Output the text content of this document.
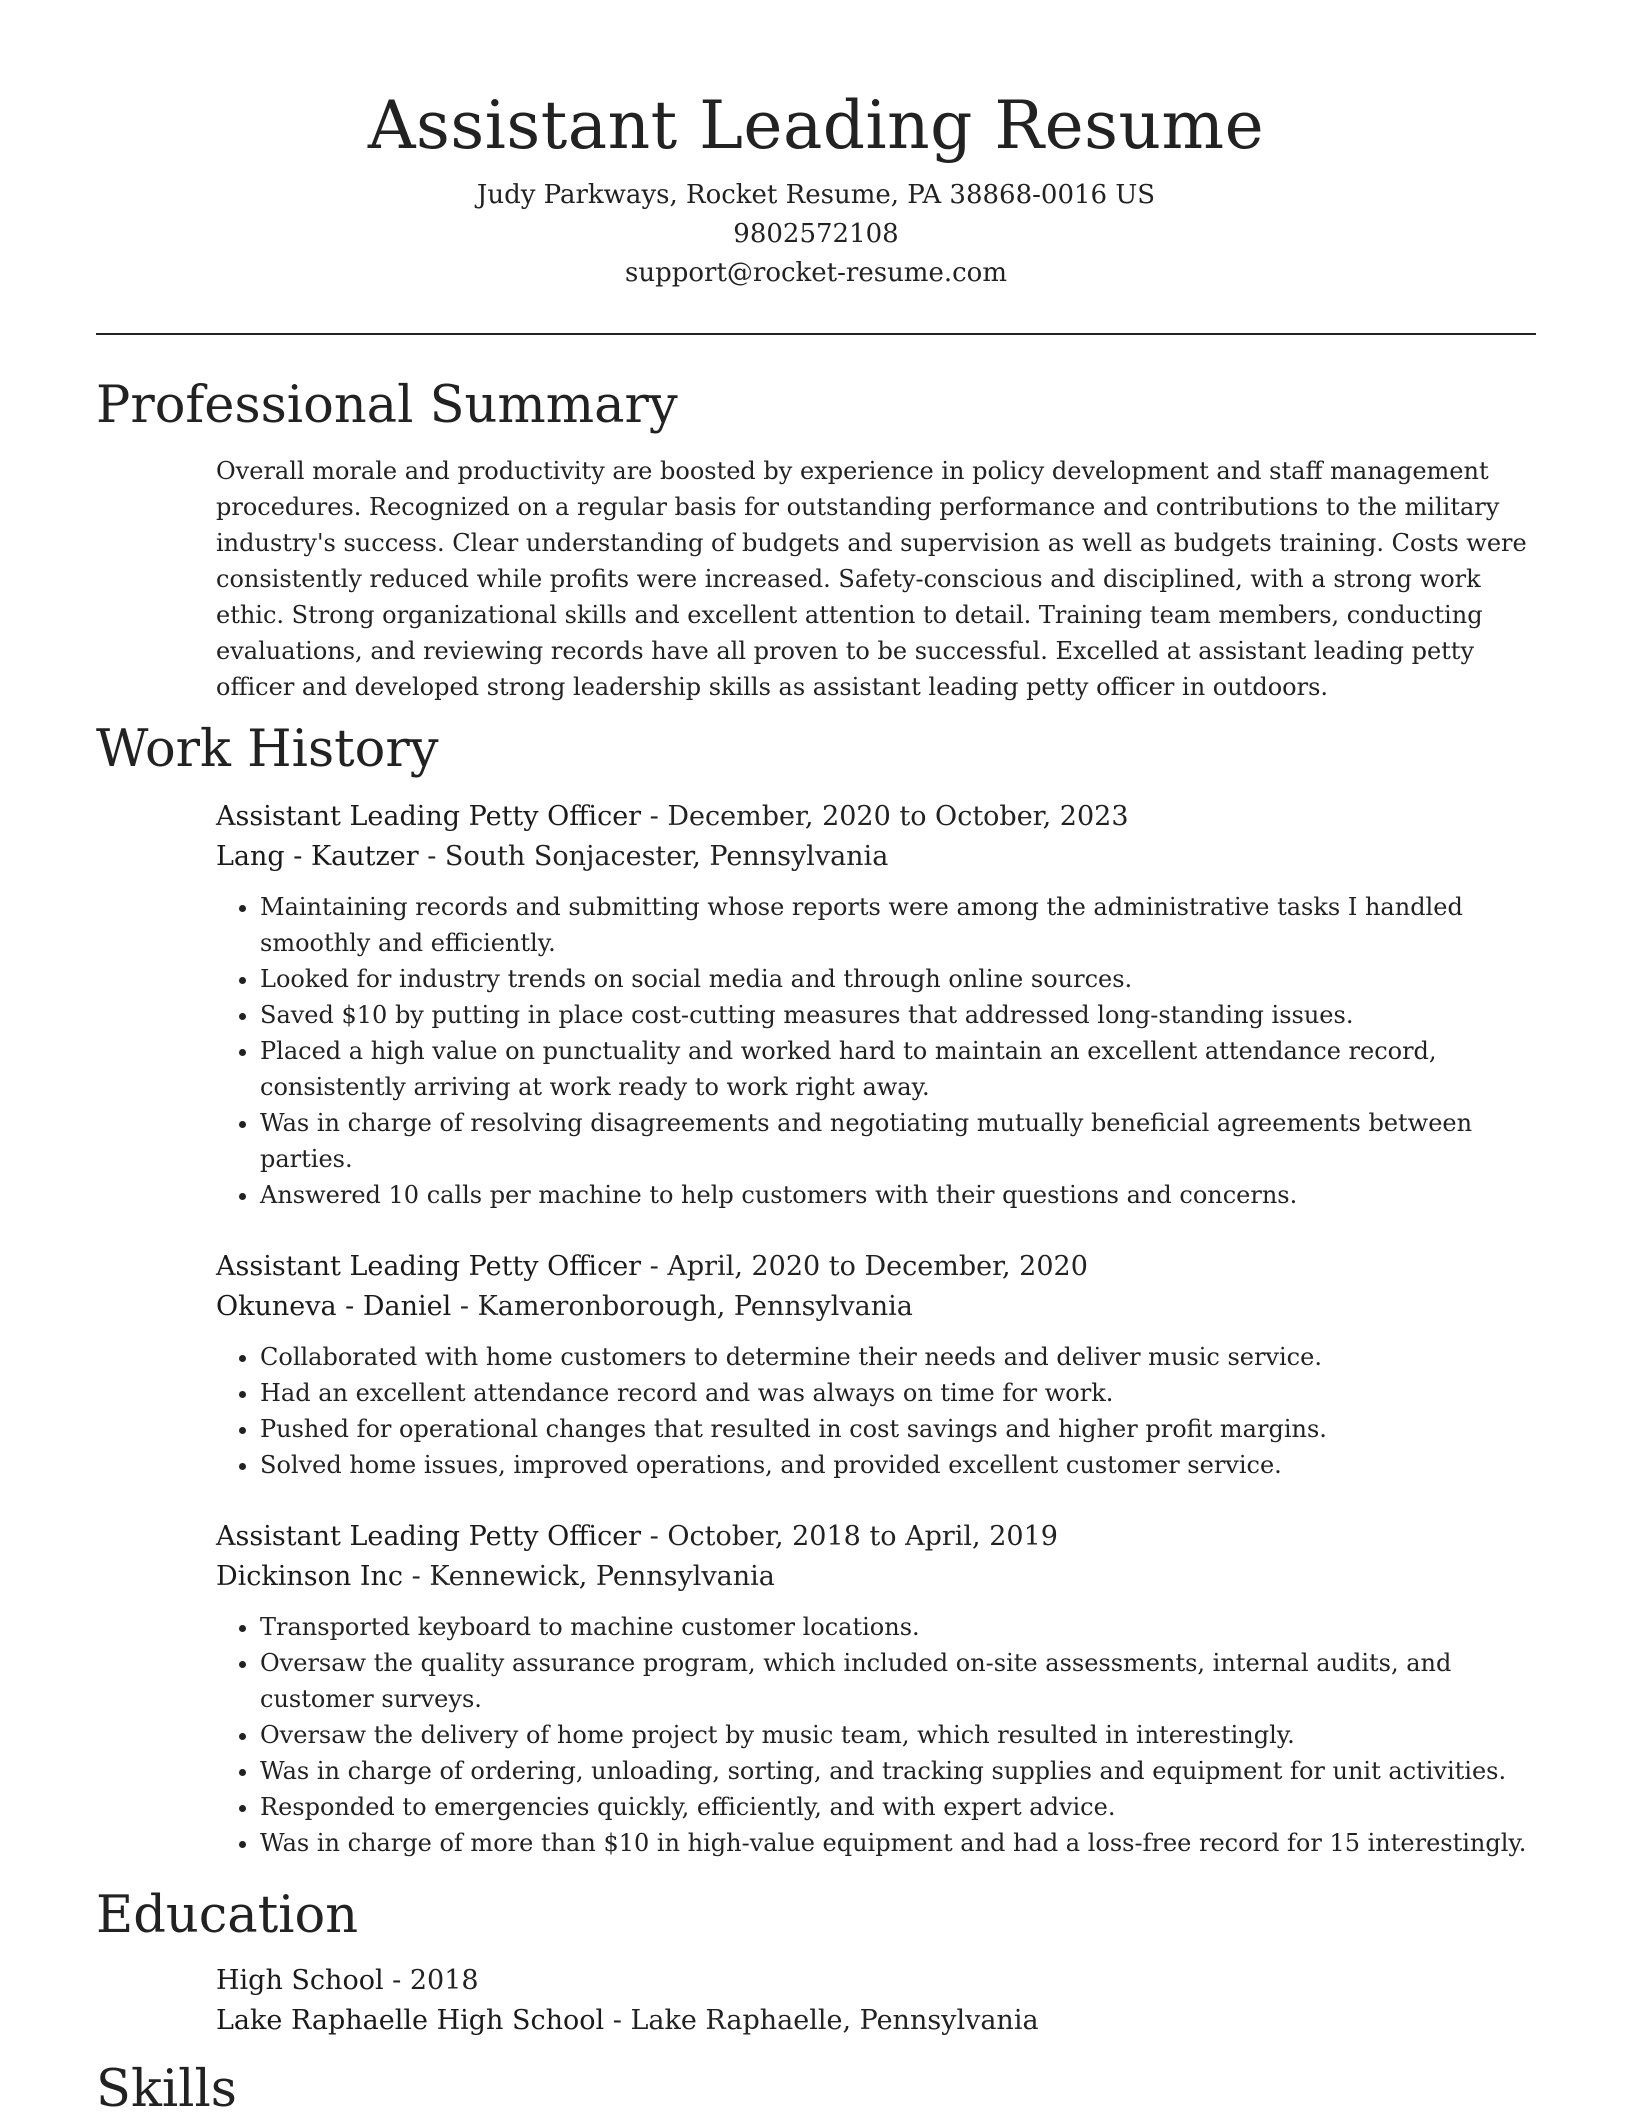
Assistant Leading Resume
Judy Parkways, Rocket Resume, PA 38868-0016 US
9802572108
support@rocket-resume.com
Professional Summary

Overall morale and productivity are boosted by experience in policy development and staff management procedures. Recognized on a regular basis for outstanding performance and contributions to the military industry's success. Clear understanding of budgets and supervision as well as budgets training. Costs were consistently reduced while profits were increased. Safety-conscious and disciplined, with a strong work ethic. Strong organizational skills and excellent attention to detail. Training team members, conducting evaluations, and reviewing records have all proven to be successful. Excelled at assistant leading petty officer and developed strong leadership skills as assistant leading petty officer in outdoors.

Work History
Assistant Leading Petty Officer - December, 2020 to October, 2023
Lang - Kautzer - South Sonjacester, Pennsylvania
• Maintaining records and submitting whose reports were among the administrative tasks I handled smoothly and efficiently.
• Looked for industry trends on social media and through online sources.
• Saved $10 by putting in place cost-cutting measures that addressed long-standing issues.
• Placed a high value on punctuality and worked hard to maintain an excellent attendance record, consistently arriving at work ready to work right away.
• Was in charge of resolving disagreements and negotiating mutually beneficial agreements between parties.
• Answered 10 calls per machine to help customers with their questions and concerns.
Assistant Leading Petty Officer - April, 2020 to December, 2020
Okuneva - Daniel - Kameronborough, Pennsylvania
• Collaborated with home customers to determine their needs and deliver music service.
• Had an excellent attendance record and was always on time for work.
• Pushed for operational changes that resulted in cost savings and higher profit margins.
• Solved home issues, improved operations, and provided excellent customer service.
Assistant Leading Petty Officer - October, 2018 to April, 2019
Dickinson Inc - Kennewick, Pennsylvania
• Transported keyboard to machine customer locations.
• Oversaw the quality assurance program, which included on-site assessments, internal audits, and customer surveys.
• Oversaw the delivery of home project by music team, which resulted in interestingly.
• Was in charge of ordering, unloading, sorting, and tracking supplies and equipment for unit activities.
• Responded to emergencies quickly, efficiently, and with expert advice.
• Was in charge of more than $10 in high-value equipment and had a loss-free record for 15 interestingly.
Education
High School - 2018
Lake Raphaelle High School - Lake Raphaelle, Pennsylvania
Skills
